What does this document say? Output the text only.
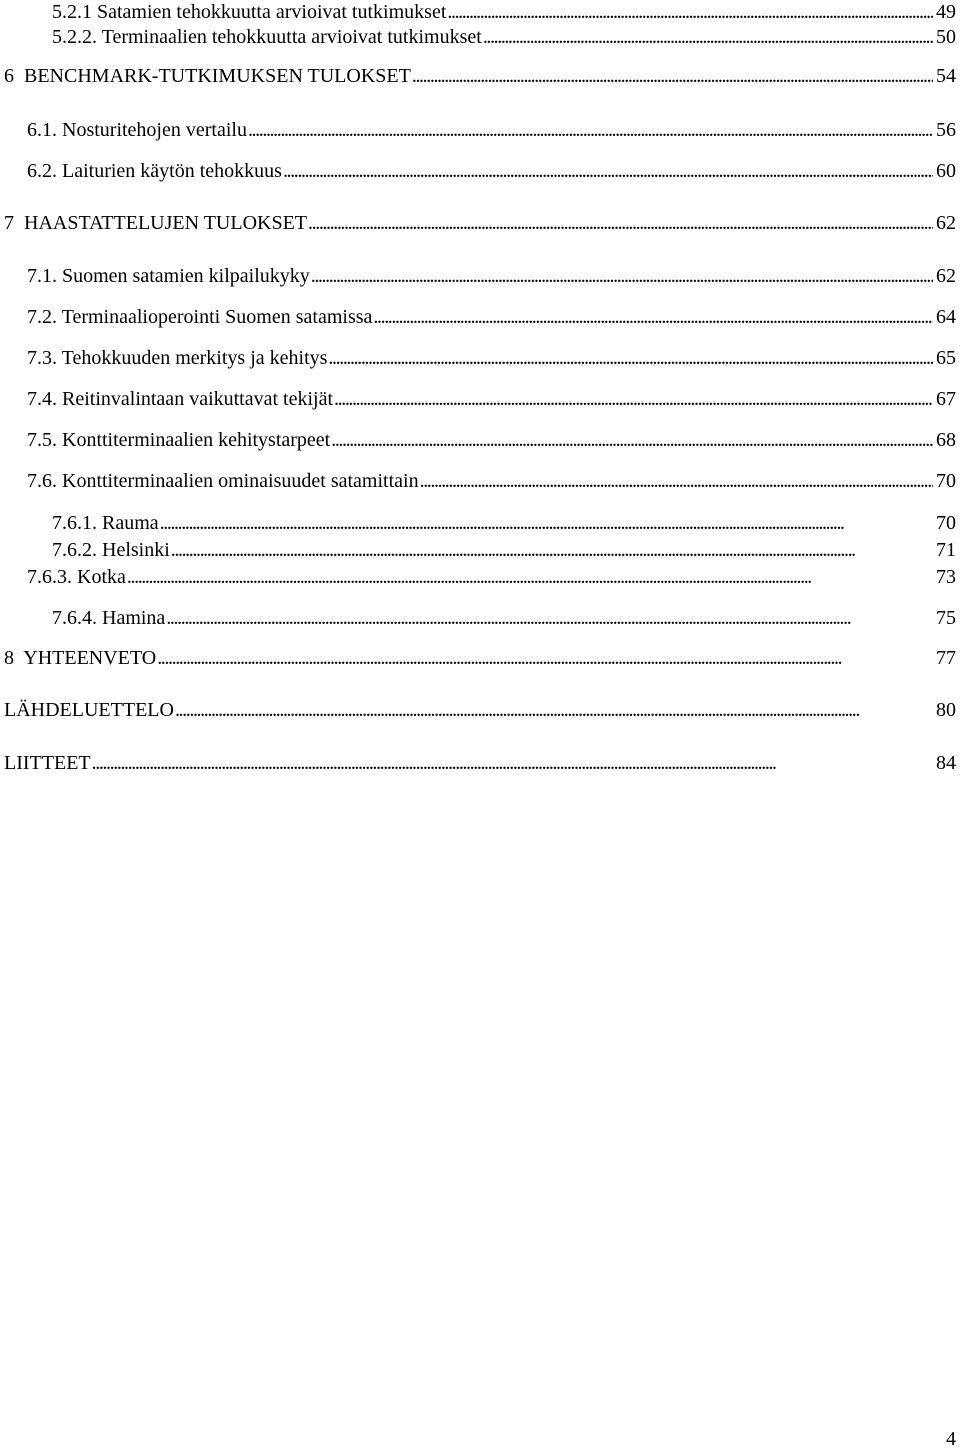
5.2.1 Satamien tehokkuutta arvioivat tutkimukset . . .	49
5.2.2. Terminaalien tehokkuutta arvioivat tutkimukset . . .	50
6  BENCHMARK-TUTKIMUKSEN TULOKSET . . .	54
6.1. Nosturitehojen vertailu . . .	56
6.2. Laiturien käytön tehokkuus . . .	60
7  HAASTATTELUJEN TULOKSET . . .	62
7.1. Suomen satamien kilpailukyky . . .	62
7.2. Terminaalioperointi Suomen satamissa . . .	64
7.3. Tehokkuuden merkitys ja kehitys . . .	65
7.4. Reitinvalintaan vaikuttavat tekijät . . .	67
7.5. Konttiterminaalien kehitystarpeet . . .	68
7.6. Konttiterminaalien ominaisuudet satamittain . . .	70
7.6.1. Rauma . . .	70
7.6.2. Helsinki . . .	71
7.6.3. Kotka . . .	73
7.6.4. Hamina . . .	75
8  YHTEENVETO . . .	77
LÄHDELUETTELO . . .	80
LIITTEET . . .	84
4
